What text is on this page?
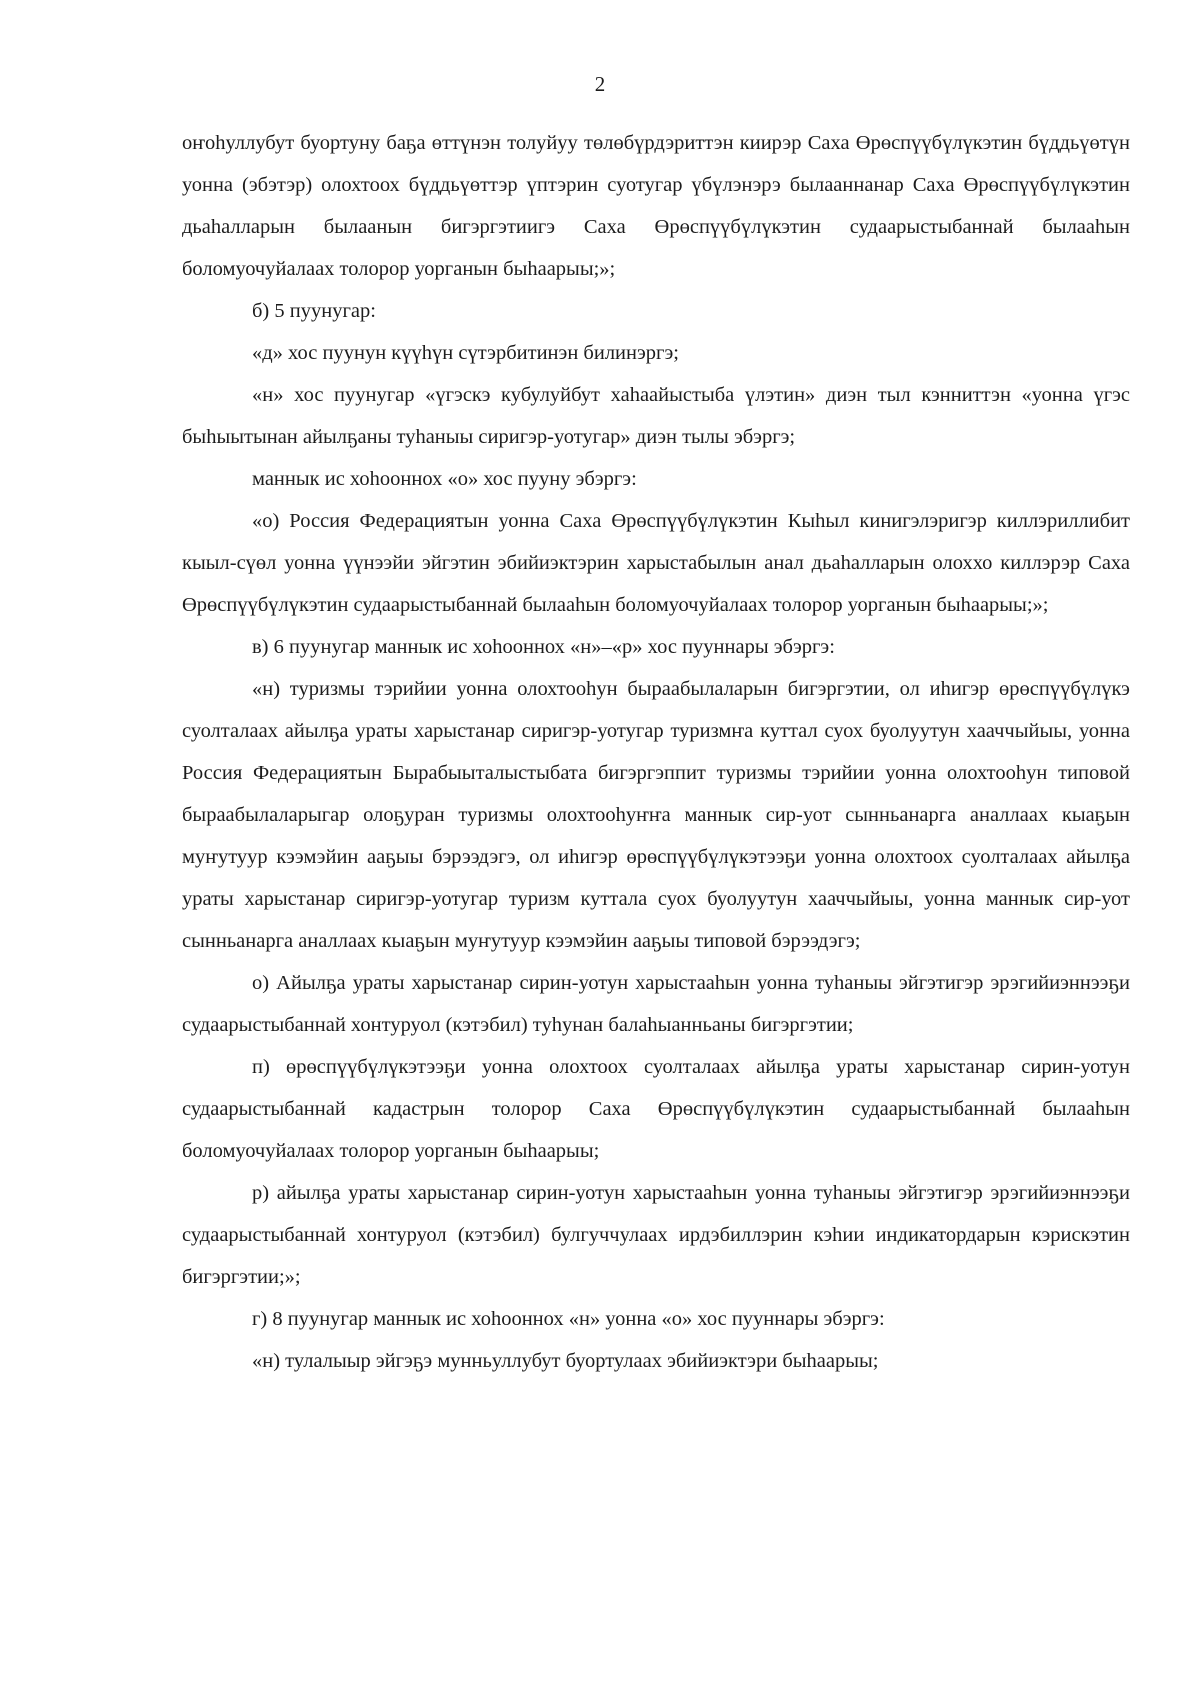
2

оҥоһуллубут буортуну баҕа өттүнэн толуйуу төлөбүрдэриттэн киирэр Саха Өрөспүүбүлүкэтин бүддьүөтүн уонна (эбэтэр) олохтоох бүддьүөттэр үптэрин суотугар үбүлэнэрэ былааннанар Саха Өрөспүүбүлүкэтин дьаһалларын былаанын бигэргэтиигэ Саха Өрөспүүбүлүкэтин судаарыстыбаннай былааһын боломуочуйалаах толорор уорганын быһаарыы;»;

б) 5 пуунугар:

«д» хос пуунун күүһүн сүтэрбитинэн билинэргэ;

«н» хос пуунугар «үгэскэ кубулуйбут хаһаайыстыба үлэтин» диэн тыл кэнниттэн «уонна үгэс быһыытынан айылҕаны туһаныы сиригэр-уотугар» диэн тылы эбэргэ;

маннык ис хоһооннох «о» хос пууну эбэргэ:

«о) Россия Федерациятын уонна Саха Өрөспүүбүлүкэтин Кыһыл кинигэлэригэр киллэриллибит кыыл-сүөл уонна үүнээйи эйгэтин эбийиэктэрин харыстабылын анал дьаһалларын олоххо киллэрэр Саха Өрөспүүбүлүкэтин судаарыстыбаннай былааһын боломуочуйалаах толорор уорганын быһаарыы;»;

в) 6 пуунугар маннык ис хоһооннох «н»–«р» хос пууннары эбэргэ:

«н) туризмы тэрийии уонна олохтооһун быраабылаларын бигэргэтии, ол иһигэр өрөспүүбүлүкэ суолталаах айылҕа ураты харыстанар сиригэр-уотугар туризмҥа куттал суох буолуутун хааччыйыы, уонна Россия Федерациятын Бырабыыталыстыбата бигэргэппит туризмы тэрийии уонна олохтооһун типовой быраабылаларыгар олоҕуран туризмы олохтооһуҥҥа маннык сир-уот сынньанарга аналлаах кыаҕын муҥутуур кээмэйин ааҕыы бэрээдэгэ, ол иһигэр өрөспүүбүлүкэтээҕи уонна олохтоох суолталаах айылҕа ураты харыстанар сиригэр-уотугар туризм куттала суох буолуутун хааччыйыы, уонна маннык сир-уот сынньанарга аналлаах кыаҕын муҥутуур кээмэйин ааҕыы типовой бэрээдэгэ;

о) Айылҕа ураты харыстанар сирин-уотун харыстааһын уонна туһаныы эйгэтигэр эрэгийиэннээҕи судаарыстыбаннай хонтуруол (кэтэбил) туһунан балаһыанньаны бигэргэтии;

п) өрөспүүбүлүкэтээҕи уонна олохтоох суолталаах айылҕа ураты харыстанар сирин-уотун судаарыстыбаннай кадастрын толорор Саха Өрөспүүбүлүкэтин судаарыстыбаннай былааһын боломуочуйалаах толорор уорганын быһаарыы;

р) айылҕа ураты харыстанар сирин-уотун харыстааһын уонна туһаныы эйгэтигэр эрэгийиэннээҕи судаарыстыбаннай хонтуруол (кэтэбил) булгуччулаах ирдэбиллэрин кэһии индикатордарын кэрискэтин бигэргэтии;»;

г) 8 пуунугар маннык ис хоһооннох «н» уонна «о» хос пууннары эбэргэ:

«н) тулалыыр эйгэҕэ мунньуллубут буортулаах эбийиэктэри быһаарыы;
